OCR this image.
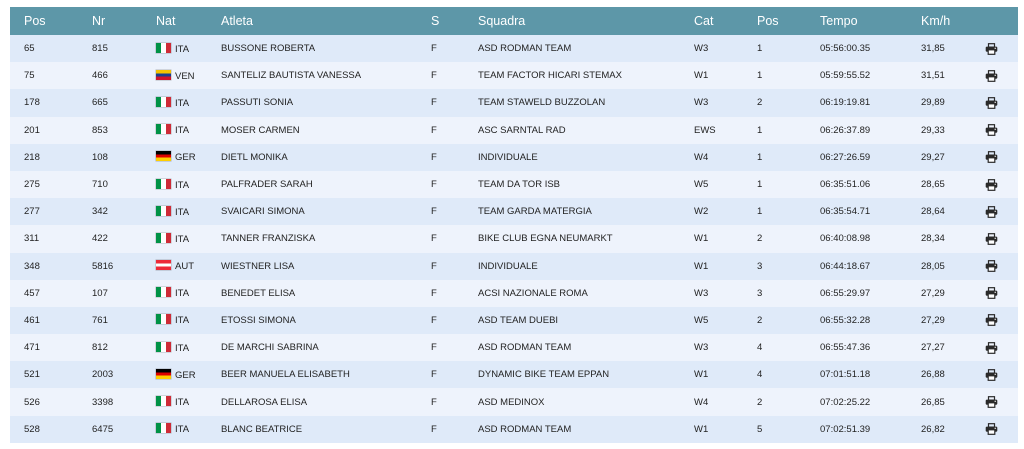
Pos	Nr	Nat	Atleta	S	Squadra	Cat	Pos	Tempo	Km/h	
65	815	ITA	BUSSONE ROBERTA	F	ASD RODMAN TEAM	W3	1	05:56:00.35	31,85	
75	466	VEN	SANTELIZ BAUTISTA VANESSA	F	TEAM FACTOR HICARI STEMAX	W1	1	05:59:55.52	31,51	
178	665	ITA	PASSUTI SONIA	F	TEAM STAWELD BUZZOLAN	W3	2	06:19:19.81	29,89	
201	853	ITA	MOSER CARMEN	F	ASC SARNTAL RAD	EWS	1	06:26:37.89	29,33	
218	108	GER	DIETL MONIKA	F	INDIVIDUALE	W4	1	06:27:26.59	29,27	
275	710	ITA	PALFRADER SARAH	F	TEAM DA TOR ISB	W5	1	06:35:51.06	28,65	
277	342	ITA	SVAICARI SIMONA	F	TEAM GARDA MATERGIA	W2	1	06:35:54.71	28,64	
311	422	ITA	TANNER FRANZISKA	F	BIKE CLUB EGNA NEUMARKT	W1	2	06:40:08.98	28,34	
348	5816	AUT	WIESTNER LISA	F	INDIVIDUALE	W1	3	06:44:18.67	28,05	
457	107	ITA	BENEDET ELISA	F	ACSI NAZIONALE ROMA	W3	3	06:55:29.97	27,29	
461	761	ITA	ETOSSI SIMONA	F	ASD TEAM DUEBI	W5	2	06:55:32.28	27,29	
471	812	ITA	DE MARCHI SABRINA	F	ASD RODMAN TEAM	W3	4	06:55:47.36	27,27	
521	2003	GER	BEER MANUELA ELISABETH	F	DYNAMIC BIKE TEAM EPPAN	W1	4	07:01:51.18	26,88	
526	3398	ITA	DELLAROSA ELISA	F	ASD MEDINOX	W4	2	07:02:25.22	26,85	
528	6475	ITA	BLANC BEATRICE	F	ASD RODMAN TEAM	W1	5	07:02:51.39	26,82	
